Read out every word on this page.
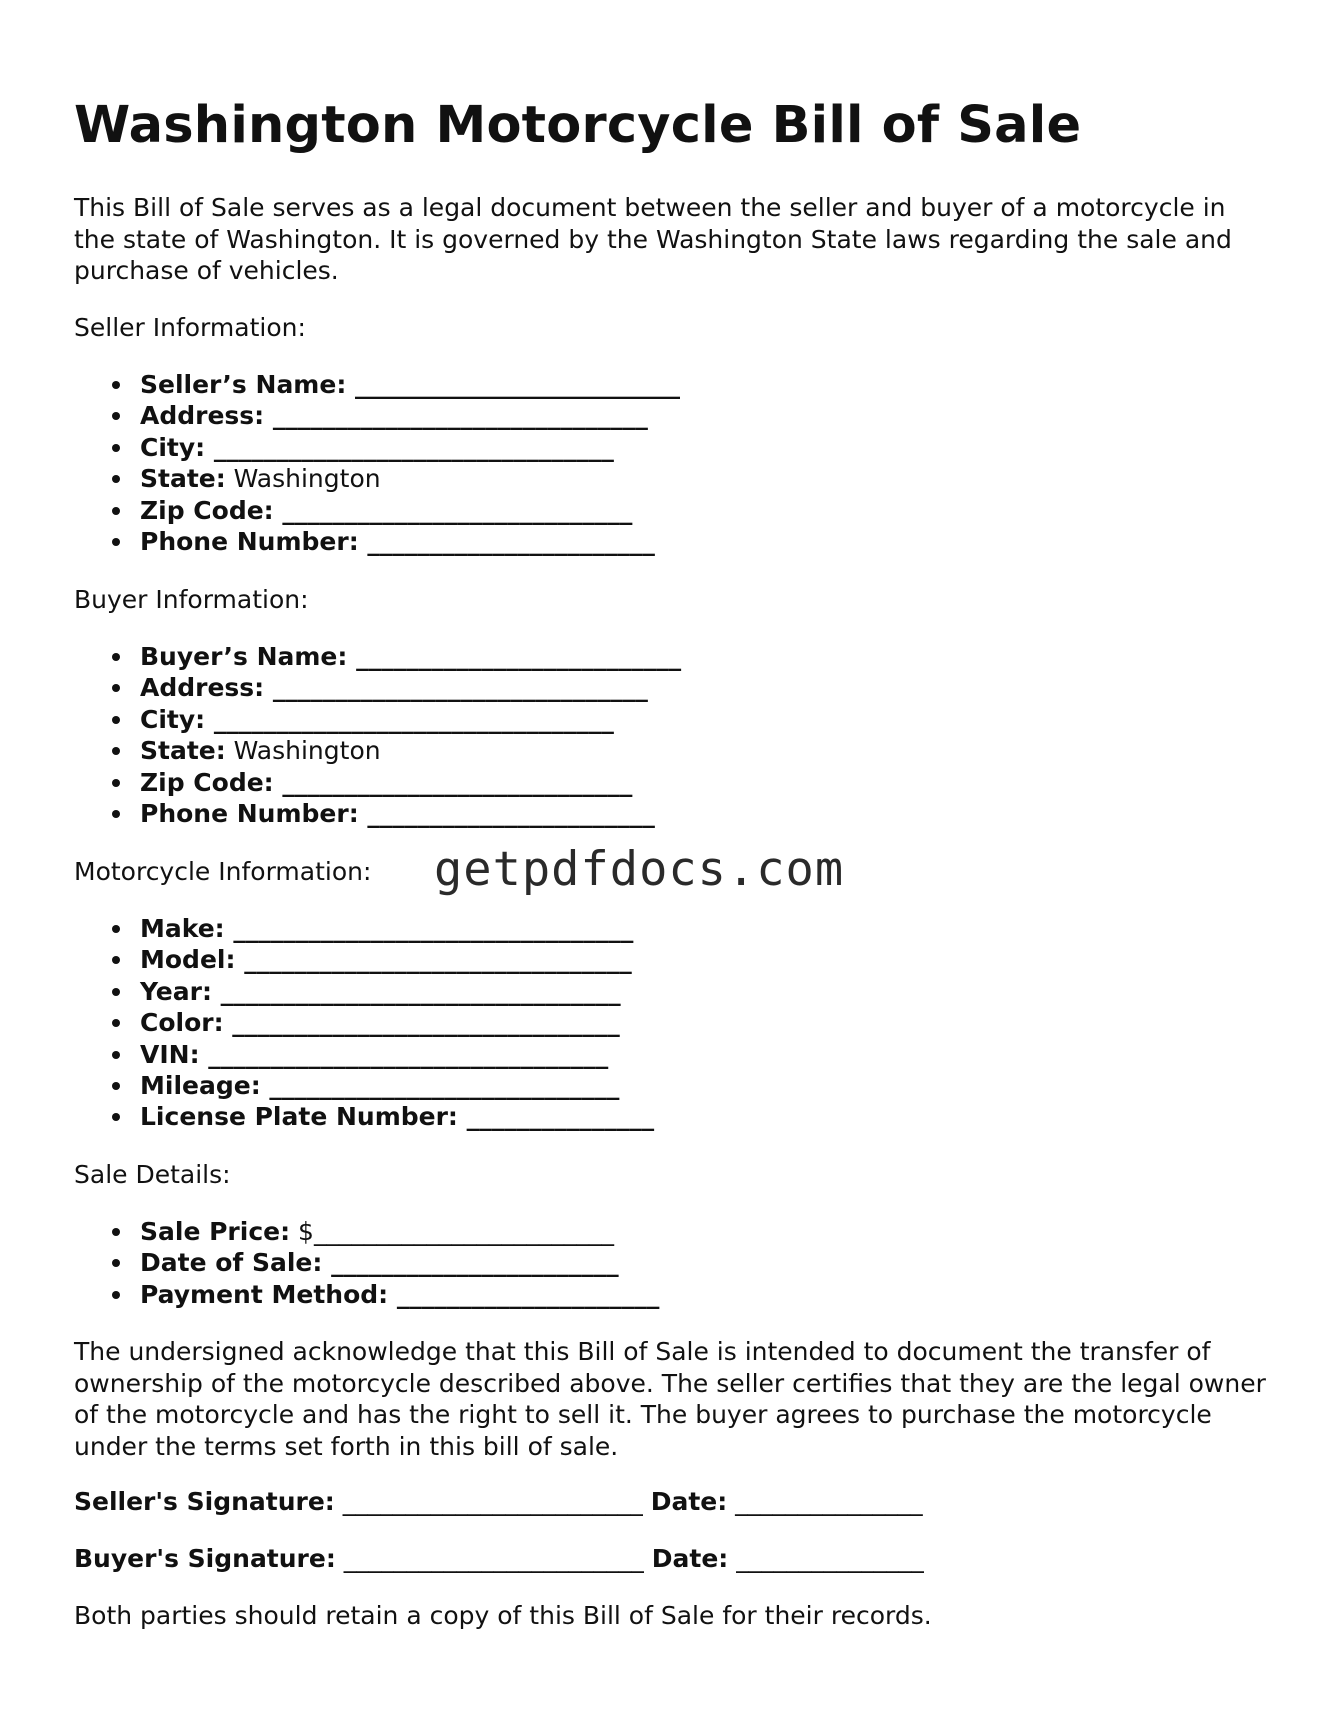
Washington Motorcycle Bill of Sale

This Bill of Sale serves as a legal document between the seller and buyer of a motorcycle in the state of Washington. It is governed by the Washington State laws regarding the sale and purchase of vehicles.

Seller Information:

Seller’s Name: __________________________
Address: ______________________________
City: ________________________________
State: Washington
Zip Code: ____________________________
Phone Number: _______________________

Buyer Information:

Buyer’s Name: __________________________
Address: ______________________________
City: ________________________________
State: Washington
Zip Code: ____________________________
Phone Number: _______________________

Motorcycle Information:

Make: ________________________________
Model: _______________________________
Year: ________________________________
Color: _______________________________
VIN: ________________________________
Mileage: ____________________________
License Plate Number: _______________

Sale Details:

Sale Price: $________________________
Date of Sale: _______________________
Payment Method: _____________________

The undersigned acknowledge that this Bill of Sale is intended to document the transfer of ownership of the motorcycle described above. The seller certifies that they are the legal owner of the motorcycle and has the right to sell it. The buyer agrees to purchase the motorcycle under the terms set forth in this bill of sale.

Seller's Signature: ________________________ Date: _______________

Buyer's Signature: ________________________ Date: _______________

Both parties should retain a copy of this Bill of Sale for their records.

getpdfdocs.com
